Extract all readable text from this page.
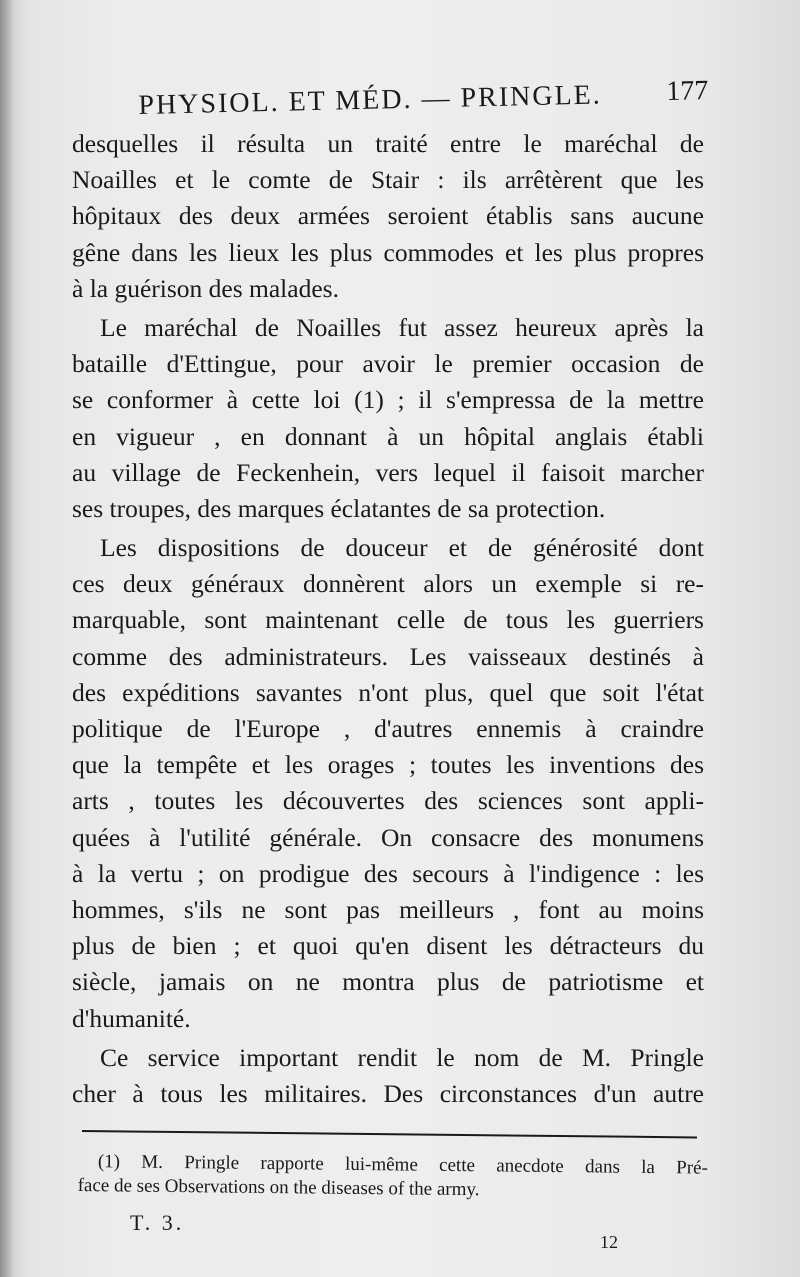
PHYSIOL. ET MÉD. — PRINGLE. 177
desquelles il résulta un traité entre le maréchal de
Noailles et le comte de Stair : ils arrêtèrent que les
hôpitaux des deux armées seroient établis sans aucune
gêne dans les lieux les plus commodes et les plus propres
à la guérison des malades.
Le maréchal de Noailles fut assez heureux après la
bataille d'Ettingue, pour avoir le premier occasion de
se conformer à cette loi (1) ; il s'empressa de la mettre
en vigueur , en donnant à un hôpital anglais établi
au village de Feckenhein, vers lequel il faisoit marcher
ses troupes, des marques éclatantes de sa protection.
Les dispositions de douceur et de générosité dont
ces deux généraux donnèrent alors un exemple si re-
marquable, sont maintenant celle de tous les guerriers
comme des administrateurs. Les vaisseaux destinés à
des expéditions savantes n'ont plus, quel que soit l'état
politique de l'Europe , d'autres ennemis à craindre
que la tempête et les orages ; toutes les inventions des
arts , toutes les découvertes des sciences sont appli-
quées à l'utilité générale. On consacre des monumens
à la vertu ; on prodigue des secours à l'indigence : les
hommes, s'ils ne sont pas meilleurs , font au moins
plus de bien ; et quoi qu'en disent les détracteurs du
siècle, jamais on ne montra plus de patriotisme et
d'humanité.
Ce service important rendit le nom de M. Pringle
cher à tous les militaires. Des circonstances d'un autre
(1) M. Pringle rapporte lui-même cette anecdote dans la Pré-
face de ses Observations on the diseases of the army.
T. 3.
12
